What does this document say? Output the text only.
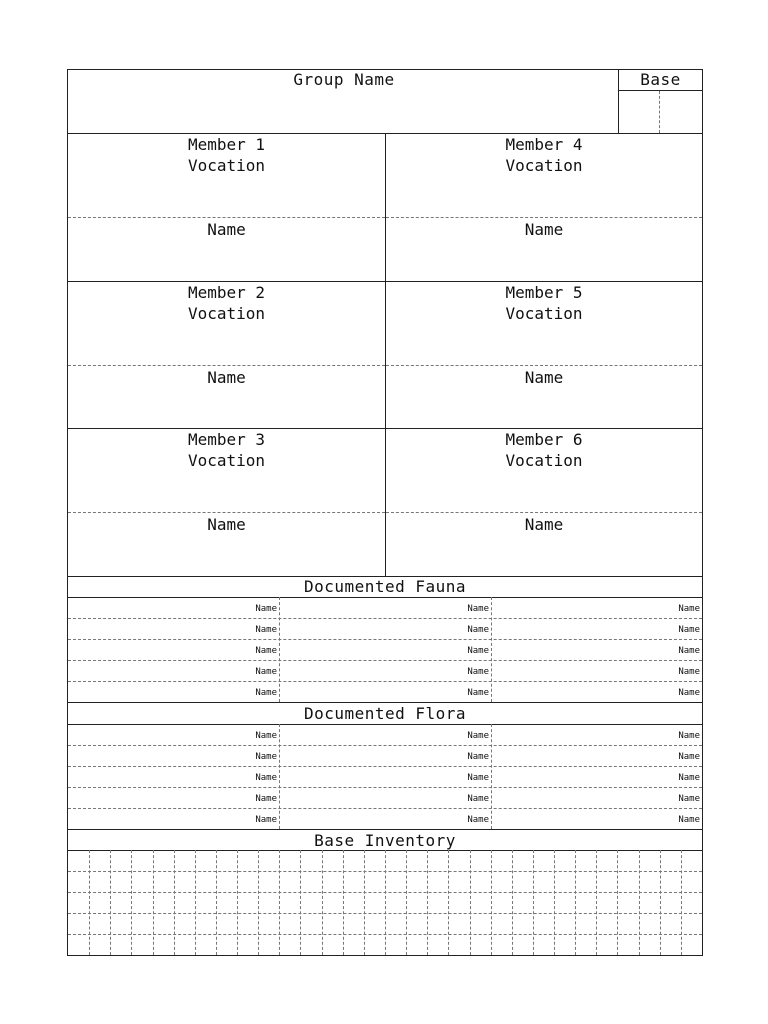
Group Name	Base
Member 1
Vocation
Name
Member 2
Vocation
Name
Member 3
Vocation
Name
Member 4
Vocation
Name
Member 5
Vocation
Name
Member 6
Vocation
Name
Documented Fauna
Name	Name	Name
Name	Name	Name
Name	Name	Name
Name	Name	Name
Name	Name	Name
Documented Flora
Name	Name	Name
Name	Name	Name
Name	Name	Name
Name	Name	Name
Name	Name	Name
Base Inventory
